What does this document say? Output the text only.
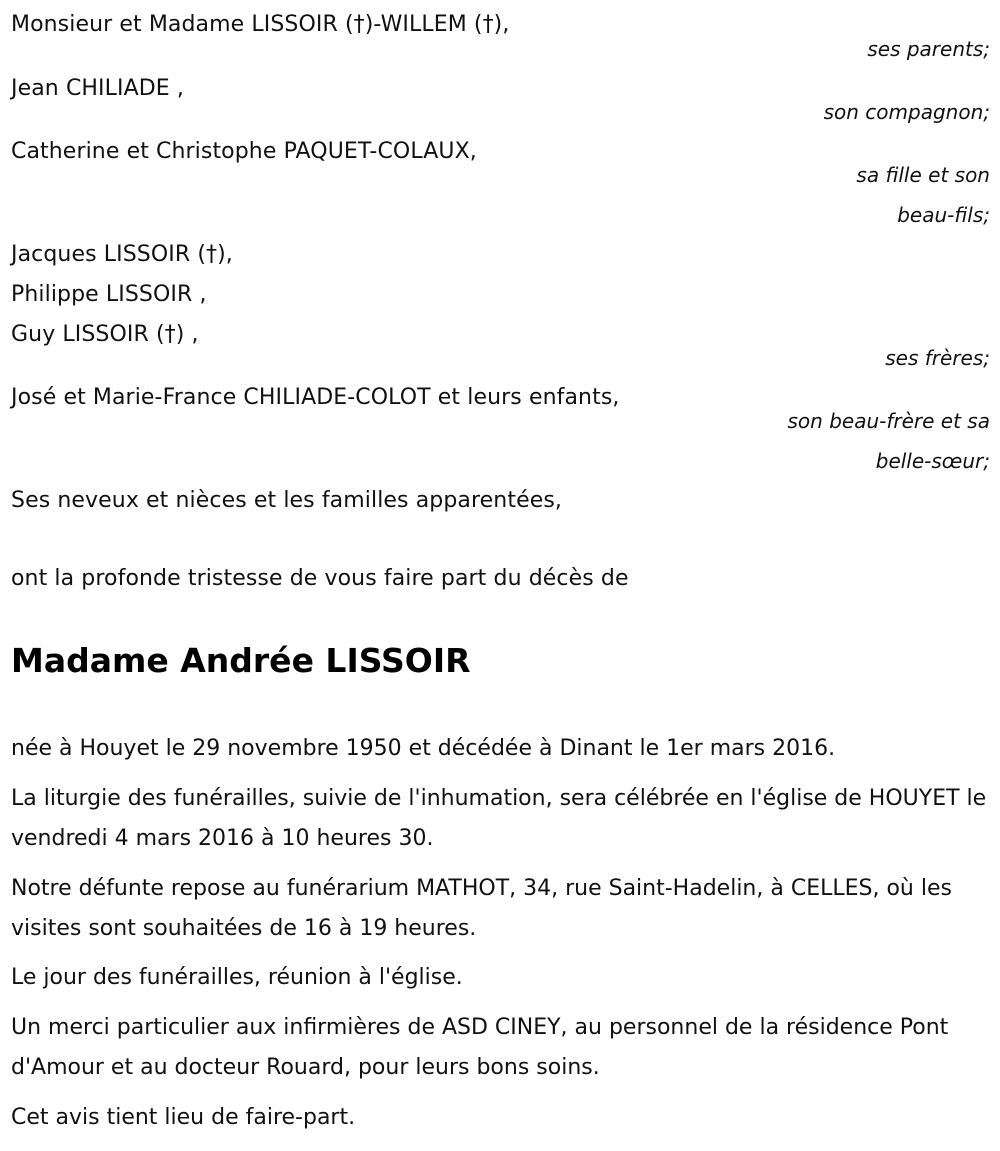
Monsieur et Madame LISSOIR (†)-WILLEM (†),
ses parents;
Jean CHILIADE ,
son compagnon;
Catherine et Christophe PAQUET-COLAUX,
sa fille et son
beau-fils;
Jacques LISSOIR (†),
Philippe LISSOIR ,
Guy LISSOIR (†) ,
ses frères;
José et Marie-France CHILIADE-COLOT et leurs enfants,
son beau-frère et sa
belle-sœur;
Ses neveux et nièces et les familles apparentées,
ont la profonde tristesse de vous faire part du décès de
Madame Andrée LISSOIR
née à Houyet le 29 novembre 1950 et décédée à Dinant le 1er mars 2016.
La liturgie des funérailles, suivie de l'inhumation, sera célébrée en l'église de HOUYET le vendredi 4 mars 2016 à 10 heures 30.
Notre défunte repose au funérarium MATHOT, 34, rue Saint-Hadelin, à CELLES, où les visites sont souhaitées de 16 à 19 heures.
Le jour des funérailles, réunion à l'église.
Un merci particulier aux infirmières de ASD CINEY, au personnel de la résidence Pont d'Amour et au docteur Rouard, pour leurs bons soins.
Cet avis tient lieu de faire-part.
